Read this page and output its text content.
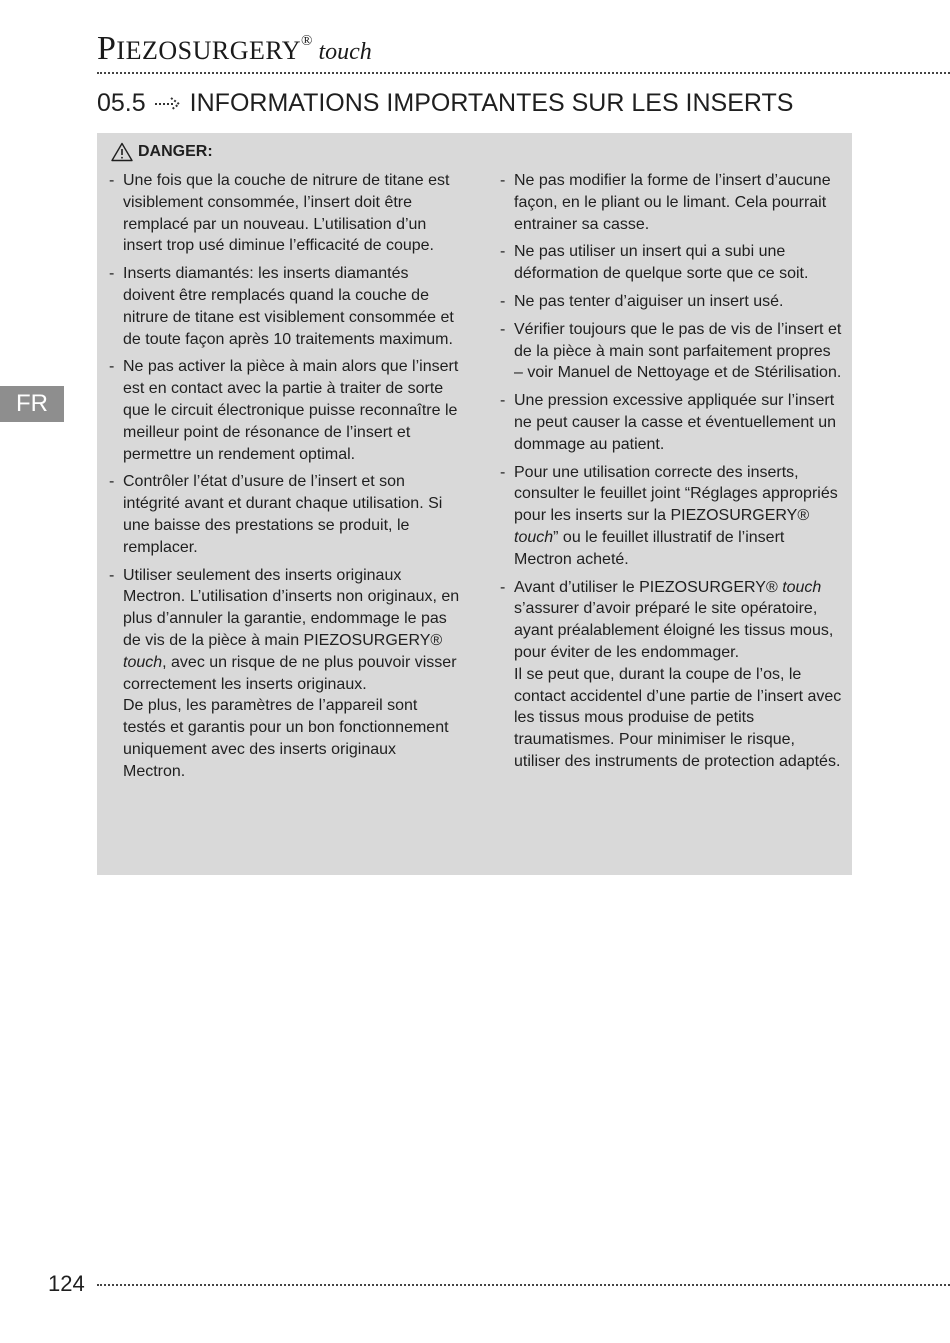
PIEZOSURGERY® touch
05.5 INFORMATIONS IMPORTANTES SUR LES INSERTS
FR
DANGER:
- Une fois que la couche de nitrure de titane est visiblement consommée, l’insert doit être remplacé par un nouveau. L’utilisation d’un insert trop usé diminue l’efficacité de coupe.
- Inserts diamantés: les inserts diamantés doivent être remplacés quand la couche de nitrure de titane est visiblement consommée et de toute façon après 10 traitements maximum.
- Ne pas activer la pièce à main alors que l’insert est en contact avec la partie à traiter de sorte que le circuit électronique puisse reconnaître le meilleur point de résonance de l’insert et permettre un rendement optimal.
- Contrôler l’état d’usure de l’insert et son intégrité avant et durant chaque utilisation. Si une baisse des prestations se produit, le remplacer.
- Utiliser seulement des inserts originaux Mectron. L’utilisation d’inserts non originaux, en plus d’annuler la garantie, endommage le pas de vis de la pièce à main PIEZOSURGERY® touch, avec un risque de ne plus pouvoir visser correctement les inserts originaux.
De plus, les paramètres de l’appareil sont testés et garantis pour un bon fonctionnement uniquement avec des inserts originaux Mectron.
- Ne pas modifier la forme de l’insert d’aucune façon, en le pliant ou le limant. Cela pourrait entrainer sa casse.
- Ne pas utiliser un insert qui a subi une déformation de quelque sorte que ce soit.
- Ne pas tenter d’aiguiser un insert usé.
- Vérifier toujours que le pas de vis de l’insert et de la pièce à main sont parfaitement propres – voir Manuel de Nettoyage et de Stérilisation.
- Une pression excessive appliquée sur l’insert ne peut causer la casse et éventuellement un dommage au patient.
- Pour une utilisation correcte des inserts, consulter le feuillet joint “Réglages appropriés pour les inserts sur la PIEZOSURGERY® touch” ou le feuillet illustratif de l’insert Mectron acheté.
- Avant d’utiliser le PIEZOSURGERY® touch s’assurer d’avoir préparé le site opératoire, ayant préalablement éloigné les tissus mous, pour éviter de les endommager.
Il se peut que, durant la coupe de l’os, le contact accidentel d’une partie de l’insert avec les tissus mous produise de petits traumatismes. Pour minimiser le risque, utiliser des instruments de protection adaptés.
124
